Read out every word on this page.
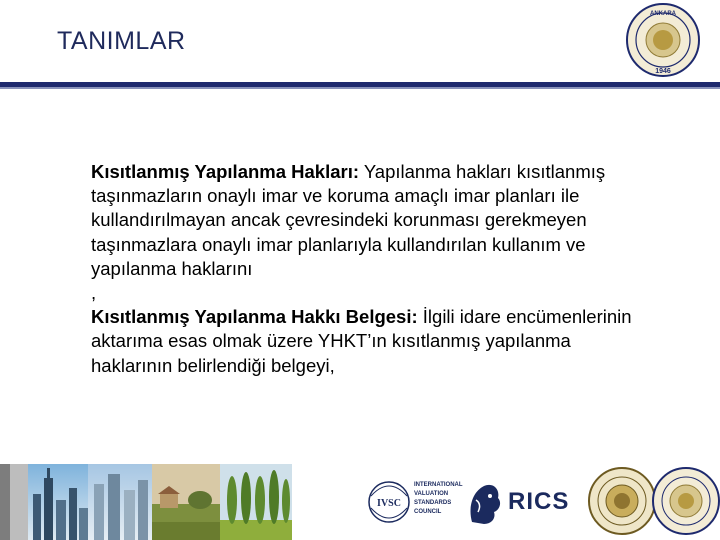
TANIMLAR
ANKARA
1946

Kısıtlanmış Yapılanma Hakları: Yapılanma hakları kısıtlanmış taşınmazların onaylı imar ve koruma amaçlı imar planları ile kullandırılmayan ancak çevresindeki korunması gerekmeyen taşınmazlara onaylı imar planlarıyla kullandırılan kullanım ve yapılanma haklarını

,

Kısıtlanmış Yapılanma Hakkı Belgesi: İlgili idare encümenlerinin aktarıma esas olmak üzere YHKT’ın kısıtlanmış yapılanma haklarının belirlendiği belgeyi,

IVSC
INTERNATIONAL
VALUATION
STANDARDS
COUNCIL	RICS
